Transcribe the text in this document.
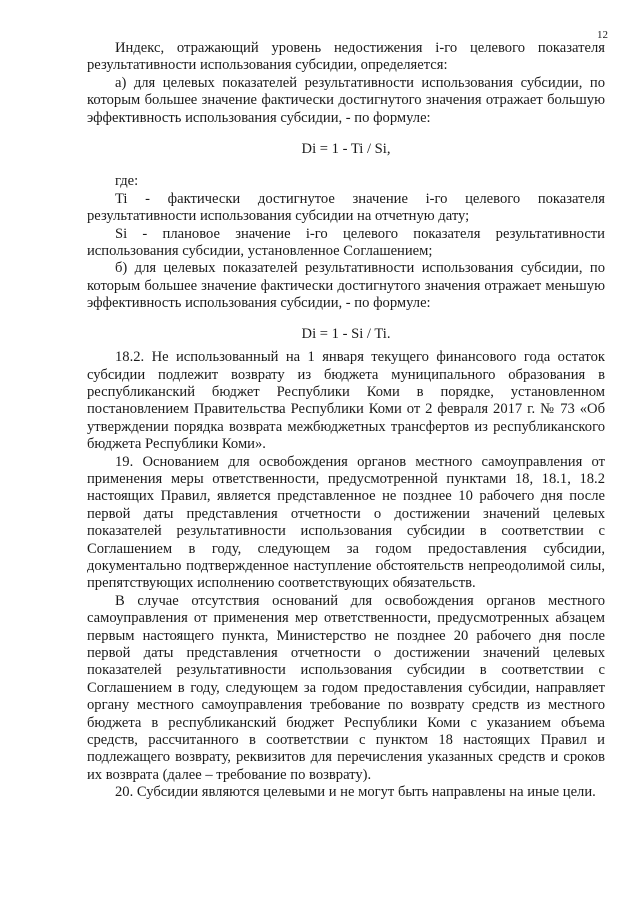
12

Индекс, отражающий уровень недостижения i-го целевого показателя результативности использования субсидии, определяется:

а) для целевых показателей результативности использования субсидии, по которым большее значение фактически достигнутого значения отражает большую эффективность использования субсидии, - по формуле:

Di = 1 - Ti / Si,

где:

Ti - фактически достигнутое значение i-го целевого показателя результативности использования субсидии на отчетную дату;

Si - плановое значение i-го целевого показателя результативности использования субсидии, установленное Соглашением;

б) для целевых показателей результативности использования субсидии, по которым большее значение фактически достигнутого значения отражает меньшую эффективность использования субсидии, - по формуле:

Di = 1 - Si / Ti.

18.2. Не использованный на 1 января текущего финансового года остаток субсидии подлежит возврату из бюджета муниципального образования в республиканский бюджет Республики Коми в порядке, установленном постановлением Правительства Республики Коми от 2 февраля 2017 г. № 73 «Об утверждении порядка возврата межбюджетных трансфертов из республиканского бюджета Республики Коми».

19. Основанием для освобождения органов местного самоуправления от применения меры ответственности, предусмотренной пунктами 18, 18.1, 18.2 настоящих Правил, является представленное не позднее 10 рабочего дня после первой даты представления отчетности о достижении значений целевых показателей результативности использования субсидии в соответствии с Соглашением в году, следующем за годом предоставления субсидии, документально подтвержденное наступление обстоятельств непреодолимой силы, препятствующих исполнению соответствующих обязательств.

В случае отсутствия оснований для освобождения органов местного самоуправления от применения мер ответственности, предусмотренных абзацем первым настоящего пункта, Министерство не позднее 20 рабочего дня после первой даты представления отчетности о достижении значений целевых показателей результативности использования субсидии в соответствии с Соглашением в году, следующем за годом предоставления субсидии, направляет органу местного самоуправления требование по возврату средств из местного бюджета в республиканский бюджет Республики Коми с указанием объема средств, рассчитанного в соответствии с пунктом 18 настоящих Правил и подлежащего возврату, реквизитов для перечисления указанных средств и сроков их возврата (далее – требование по возврату).

20. Субсидии являются целевыми и не могут быть направлены на иные цели.
